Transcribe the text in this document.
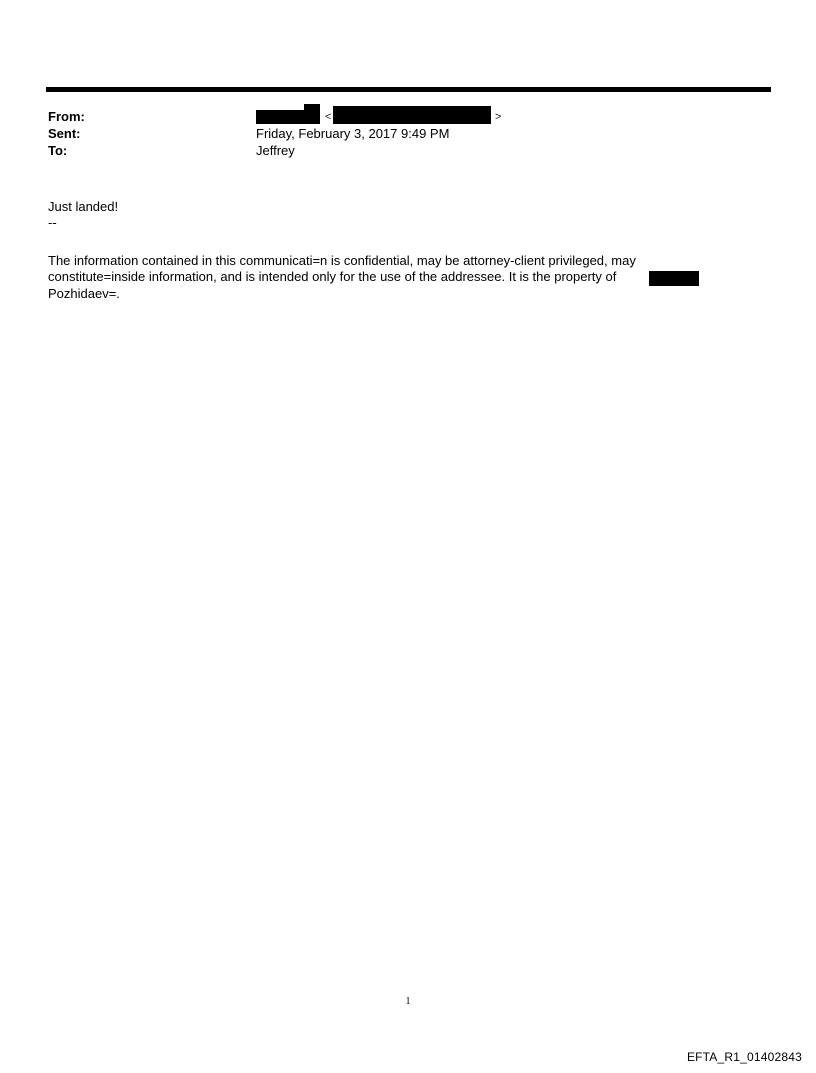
From:
Sent:
To:
<	>
Friday, February 3, 2017 9:49 PM
Jeffrey
Just landed!
--
The information contained in this communicati=n is confidential, may be attorney-client privileged, may
constitute=inside information, and is intended only for the use of the addressee. It is the property of
Pozhidaev=.
1
EFTA_R1_01402843
